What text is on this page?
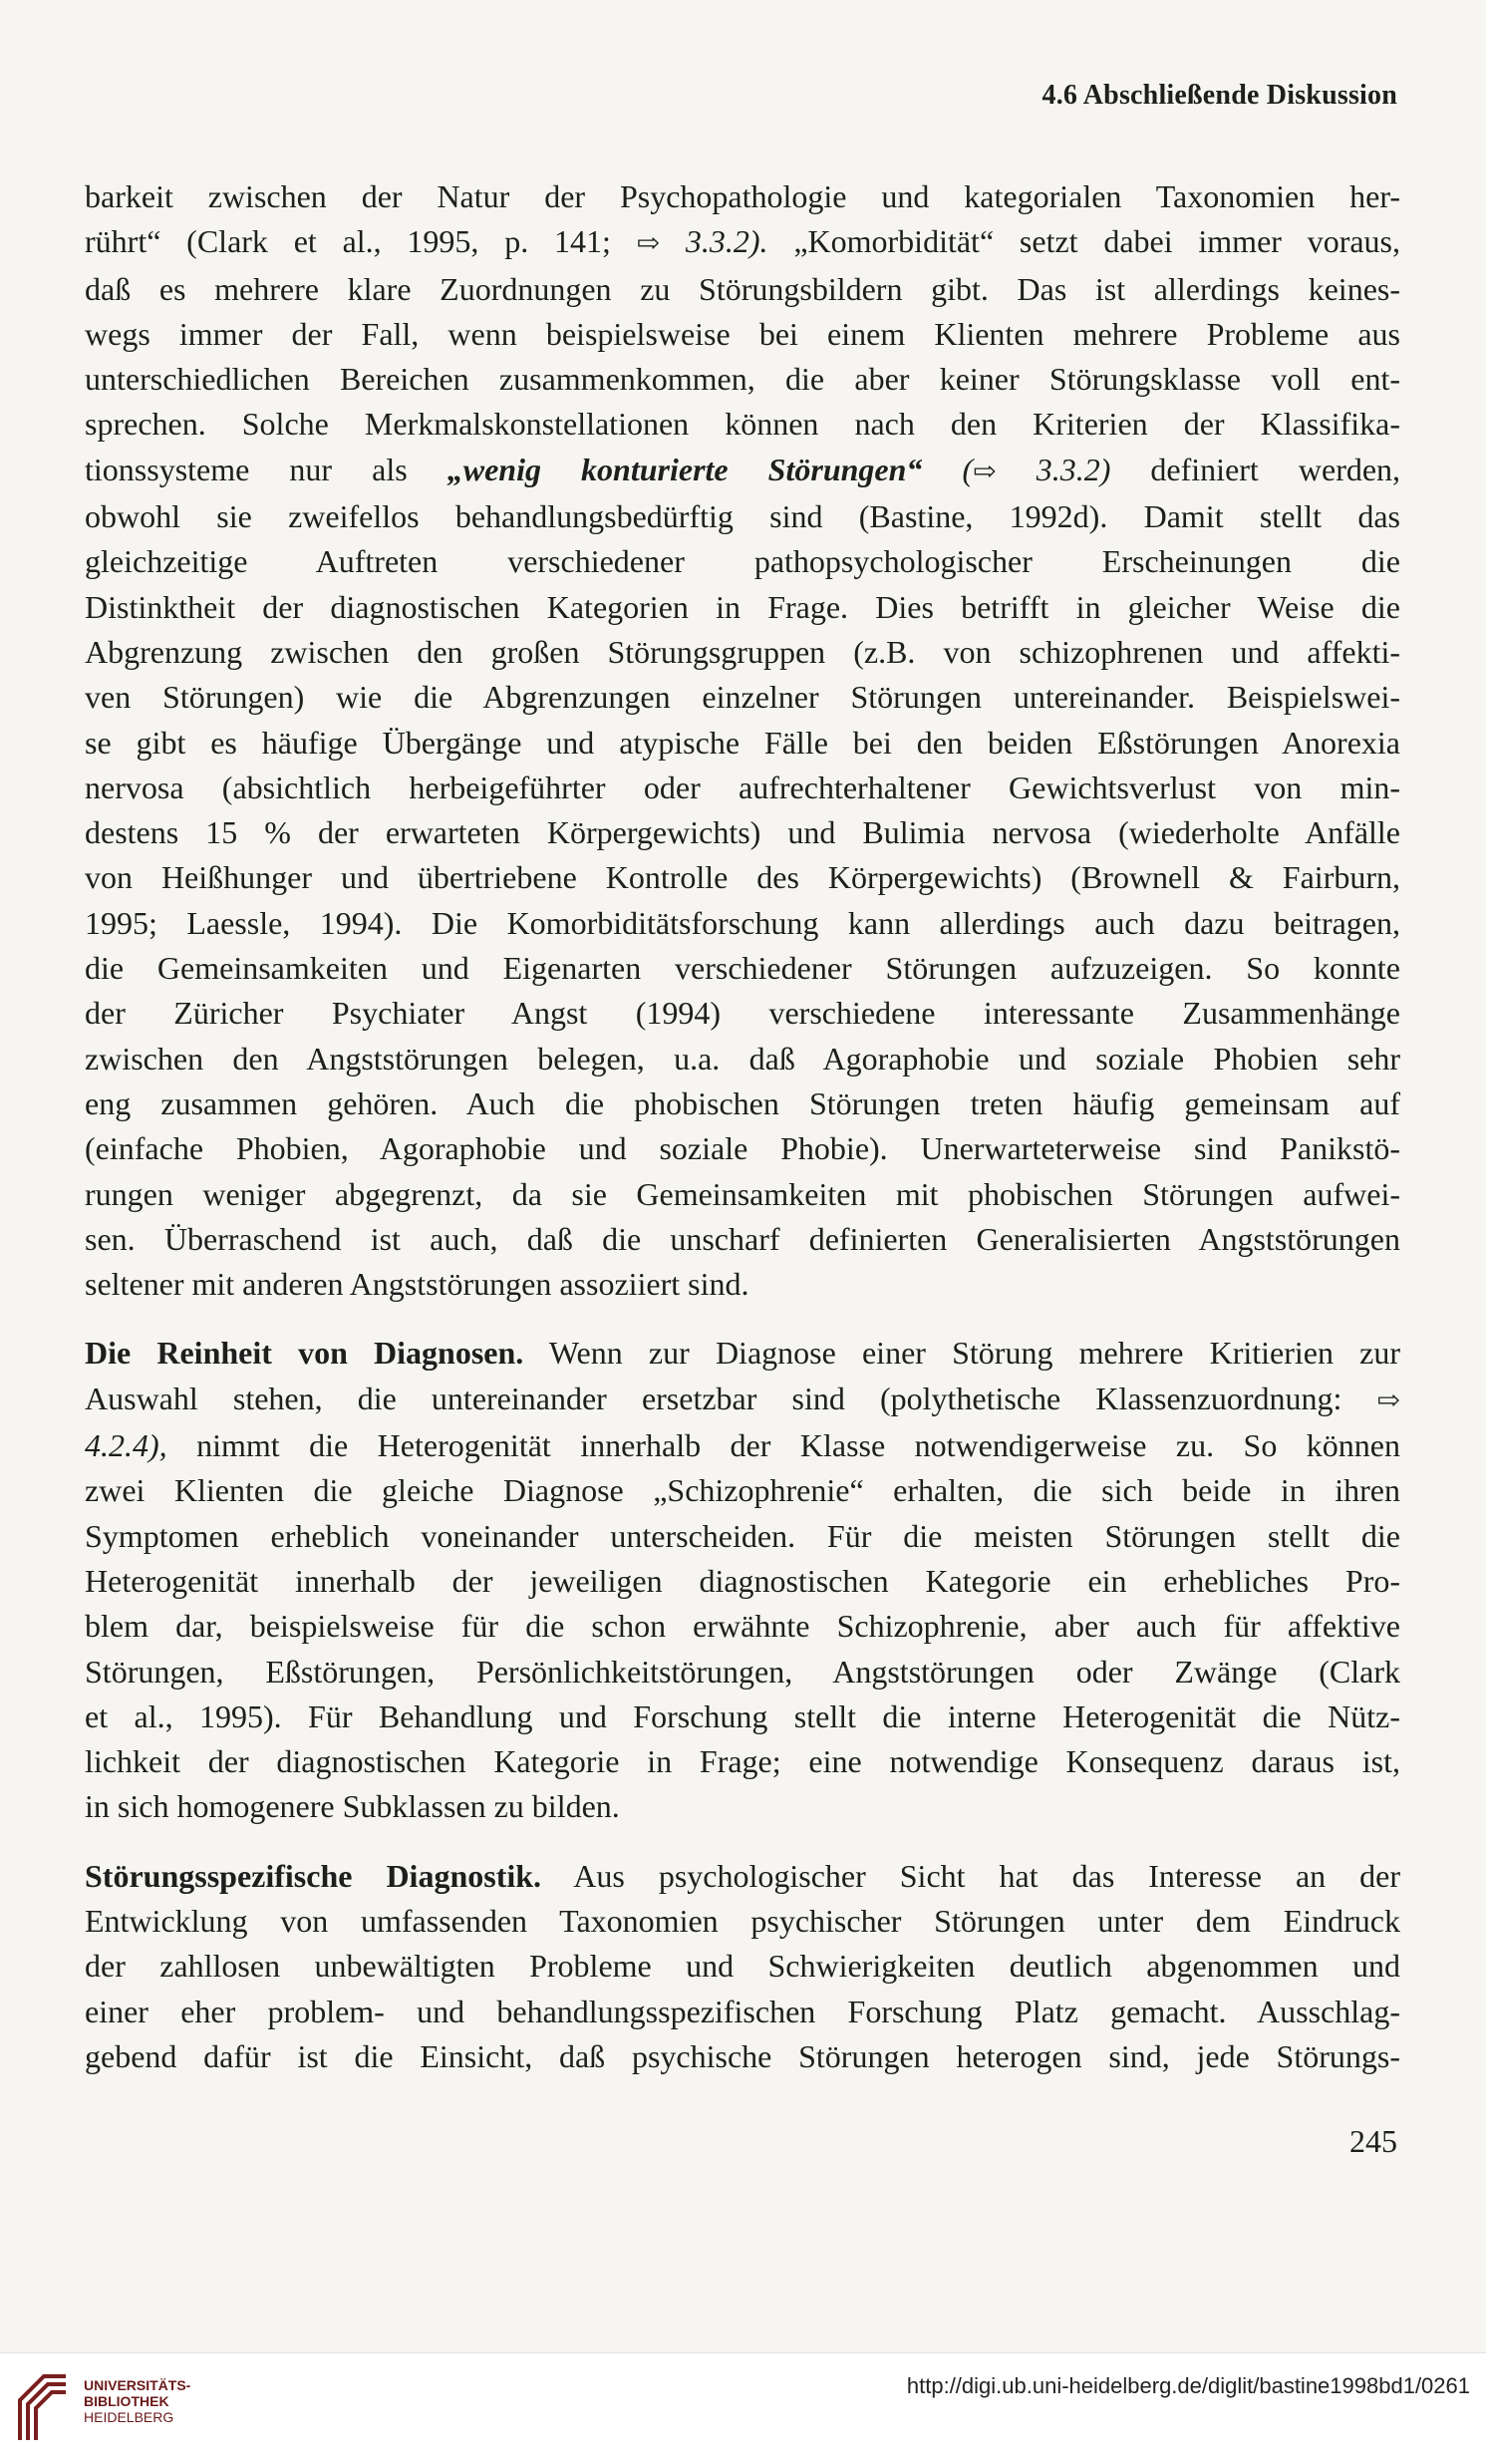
4.6 Abschließende Diskussion
barkeit zwischen der Natur der Psychopathologie und kategorialen Taxonomien her-
rührt“ (Clark et al., 1995, p. 141; ⇨ 3.3.2). „Komorbidität“ setzt dabei immer voraus,
daß es mehrere klare Zuordnungen zu Störungsbildern gibt. Das ist allerdings keines-
wegs immer der Fall, wenn beispielsweise bei einem Klienten mehrere Probleme aus
unterschiedlichen Bereichen zusammenkommen, die aber keiner Störungsklasse voll ent-
sprechen. Solche Merkmalskonstellationen können nach den Kriterien der Klassifika-
tionssysteme nur als „wenig konturierte Störungen“ (⇨ 3.3.2) definiert werden,
obwohl sie zweifellos behandlungsbedürftig sind (Bastine, 1992d). Damit stellt das
gleichzeitige Auftreten verschiedener pathopsychologischer Erscheinungen die
Distinktheit der diagnostischen Kategorien in Frage. Dies betrifft in gleicher Weise die
Abgrenzung zwischen den großen Störungsgruppen (z.B. von schizophrenen und affekti-
ven Störungen) wie die Abgrenzungen einzelner Störungen untereinander. Beispielswei-
se gibt es häufige Übergänge und atypische Fälle bei den beiden Eßstörungen Anorexia
nervosa (absichtlich herbeigeführter oder aufrechterhaltener Gewichtsverlust von min-
destens 15 % der erwarteten Körpergewichts) und Bulimia nervosa (wiederholte Anfälle
von Heißhunger und übertriebene Kontrolle des Körpergewichts) (Brownell & Fairburn,
1995; Laessle, 1994). Die Komorbiditätsforschung kann allerdings auch dazu beitragen,
die Gemeinsamkeiten und Eigenarten verschiedener Störungen aufzuzeigen. So konnte
der Züricher Psychiater Angst (1994) verschiedene interessante Zusammenhänge
zwischen den Angststörungen belegen, u.a. daß Agoraphobie und soziale Phobien sehr
eng zusammen gehören. Auch die phobischen Störungen treten häufig gemeinsam auf
(einfache Phobien, Agoraphobie und soziale Phobie). Unerwarteterweise sind Panikstö-
rungen weniger abgegrenzt, da sie Gemeinsamkeiten mit phobischen Störungen aufwei-
sen. Überraschend ist auch, daß die unscharf definierten Generalisierten Angststörungen
seltener mit anderen Angststörungen assoziiert sind.
Die Reinheit von Diagnosen. Wenn zur Diagnose einer Störung mehrere Kritierien zur
Auswahl stehen, die untereinander ersetzbar sind (polythetische Klassenzuordnung: ⇨
4.2.4), nimmt die Heterogenität innerhalb der Klasse notwendigerweise zu. So können
zwei Klienten die gleiche Diagnose „Schizophrenie“ erhalten, die sich beide in ihren
Symptomen erheblich voneinander unterscheiden. Für die meisten Störungen stellt die
Heterogenität innerhalb der jeweiligen diagnostischen Kategorie ein erhebliches Pro-
blem dar, beispielsweise für die schon erwähnte Schizophrenie, aber auch für affektive
Störungen, Eßstörungen, Persönlichkeitstörungen, Angststörungen oder Zwänge (Clark
et al., 1995). Für Behandlung und Forschung stellt die interne Heterogenität die Nütz-
lichkeit der diagnostischen Kategorie in Frage; eine notwendige Konsequenz daraus ist,
in sich homogenere Subklassen zu bilden.
Störungsspezifische Diagnostik. Aus psychologischer Sicht hat das Interesse an der
Entwicklung von umfassenden Taxonomien psychischer Störungen unter dem Eindruck
der zahllosen unbewältigten Probleme und Schwierigkeiten deutlich abgenommen und
einer eher problem- und behandlungsspezifischen Forschung Platz gemacht. Ausschlag-
gebend dafür ist die Einsicht, daß psychische Störungen heterogen sind, jede Störungs-
245
UNIVERSITÄTS-
BIBLIOTHEK
HEIDELBERG
http://digi.ub.uni-heidelberg.de/diglit/bastine1998bd1/0261
